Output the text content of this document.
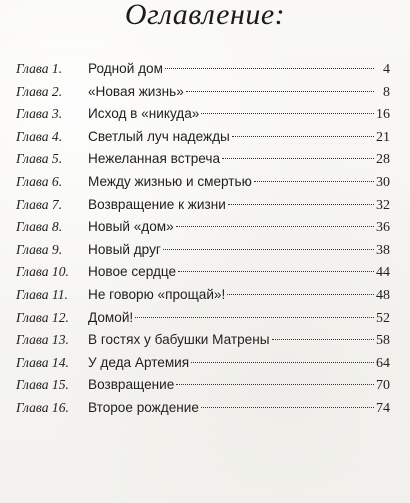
Оглавление:
Глава 1.	Родной дом	4
Глава 2.	«Новая жизнь»	8
Глава 3.	Исход в «никуда»	16
Глава 4.	Светлый луч надежды	21
Глава 5.	Нежеланная встреча	28
Глава 6.	Между жизнью и смертью	30
Глава 7.	Возвращение к жизни	32
Глава 8.	Новый «дом»	36
Глава 9.	Новый друг	38
Глава 10.	Новое сердце	44
Глава 11.	Не говорю «прощай»!	48
Глава 12.	Домой!	52
Глава 13.	В гостях у бабушки Матрены	58
Глава 14.	У деда Артемия	64
Глава 15.	Возвращение	70
Глава 16.	Второе рождение	74
